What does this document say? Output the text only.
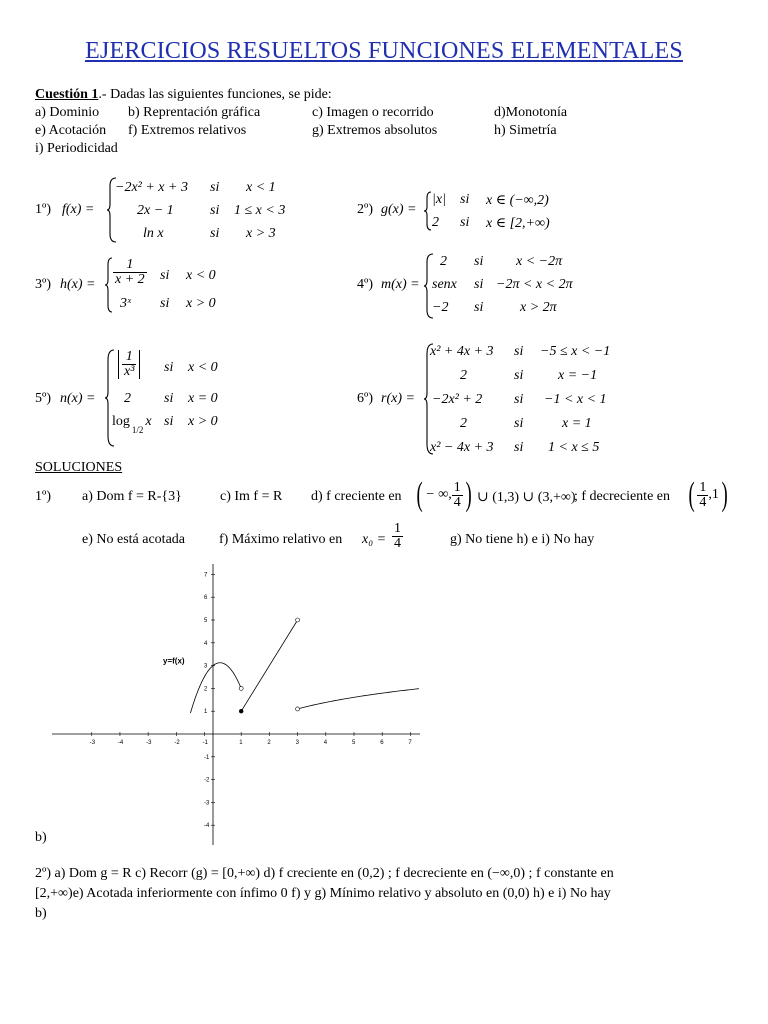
EJERCICIOS RESUELTOS FUNCIONES ELEMENTALES
Cuestión 1.- Dadas las siguientes funciones, se pide:
a) Dominio b) Reprentación gráfica	c) Imagen o recorrido	d)Monotonía
e) Acotación f) Extremos relativos	g) Extremos absolutos	h) Simetría
i) Periodicidad
1º) f(x) =
−2x² + x + 3 si x < 1
2x − 1	si 1 ≤ x < 3
ln x	si x > 3
2º) g(x) =
|x| si x ∈ (−∞,2)
2 si x ∈ [2,+∞)
3º) $h(x) = \frac{1}{x + 2}$ si x < 0
3ˣ si x > 0
4º) m(x) =
2 si x < −2π
senx si −2π < x < 2π
−2 si	x > 2π
5º) n(x) =
$\frac{1}{\text{x³}}$ si x < 0
2 si x = 0
$\log_{1/2}x$ si x > 0
6º) r(x) =
x² + 4x + 3 si −5 ≤ x < −1
2	si x = −1
−2x² + 2 si −1 < x < 1
2	si	x = 1
x² − 4x + 3 si 1 < x ≤ 5
SOLUCIONES
1º) a) Dom f = R-{3}	c) Im f = R d) f creciente en ( − ∞, $\frac{1}{4}$ ) ∪ (1,3) ∪ (3,+∞)
; f decreciente en ( $\frac{1}{4} ,1$)
e) No está acotada f) Máximo relativo en $x_0 = \frac{1}{4}$	g) No tiene h) e i) No hay
-3	-4	-3	-2	-1	1	2	3	4	5	6	7
7
6
5
4
3
2
1
-1
-2
-3
-4
y=f(x)
b)
2º) a) Dom g = R c) Recorr (g) = [0,+∞) d) f creciente en (0,2) ; f decreciente en (−∞,0) ; f constante en
[2,+∞)e) Acotada inferiormente con ínfimo 0 f) y g) Mínimo relativo y absoluto en (0,0) h) e i) No hay
b)
